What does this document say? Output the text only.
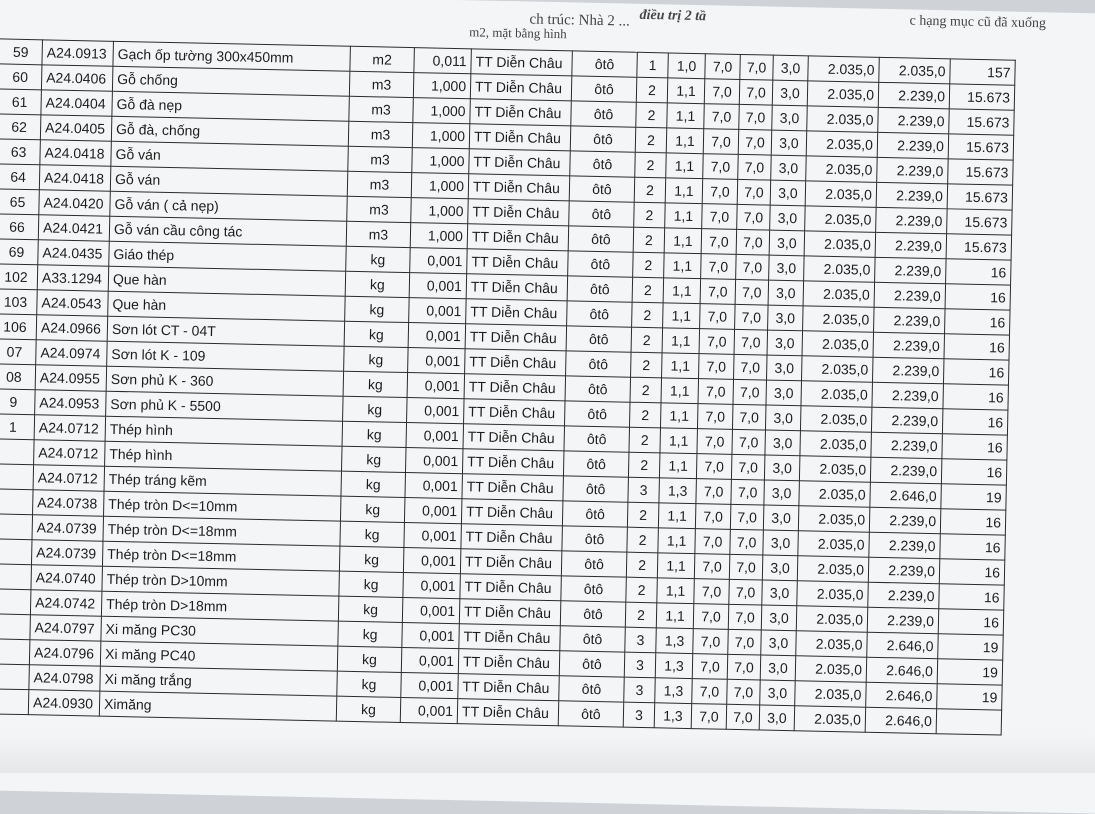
ch trúc: Nhà 2 ...
m2, mặt bằng hình
điều trị 2 tầ	c hạng mục cũ đã xuống
59	A24.0913	Gạch ốp tường 300x450mm	m2	0,011	TT Diễn Châu	ôtô	1	1,0	7,0	7,0	3,0	2.035,0	2.035,0	157
60	A24.0406	Gỗ chống	m3	1,000	TT Diễn Châu	ôtô	2	1,1	7,0	7,0	3,0	2.035,0	2.239,0	15.673
61	A24.0404	Gỗ đà nẹp	m3	1,000	TT Diễn Châu	ôtô	2	1,1	7,0	7,0	3,0	2.035,0	2.239,0	15.673
62	A24.0405	Gỗ đà, chống	m3	1,000	TT Diễn Châu	ôtô	2	1,1	7,0	7,0	3,0	2.035,0	2.239,0	15.673
63	A24.0418	Gỗ ván	m3	1,000	TT Diễn Châu	ôtô	2	1,1	7,0	7,0	3,0	2.035,0	2.239,0	15.673
64	A24.0418	Gỗ ván	m3	1,000	TT Diễn Châu	ôtô	2	1,1	7,0	7,0	3,0	2.035,0	2.239,0	15.673
65	A24.0420	Gỗ ván ( cả nẹp)	m3	1,000	TT Diễn Châu	ôtô	2	1,1	7,0	7,0	3,0	2.035,0	2.239,0	15.673
66	A24.0421	Gỗ ván cầu công tác	m3	1,000	TT Diễn Châu	ôtô	2	1,1	7,0	7,0	3,0	2.035,0	2.239,0	15.673
69	A24.0435	Giáo thép	kg	0,001	TT Diễn Châu	ôtô	2	1,1	7,0	7,0	3,0	2.035,0	2.239,0	16
102	A33.1294	Que hàn	kg	0,001	TT Diễn Châu	ôtô	2	1,1	7,0	7,0	3,0	2.035,0	2.239,0	16
103	A24.0543	Que hàn	kg	0,001	TT Diễn Châu	ôtô	2	1,1	7,0	7,0	3,0	2.035,0	2.239,0	16
106	A24.0966	Sơn lót CT - 04T	kg	0,001	TT Diễn Châu	ôtô	2	1,1	7,0	7,0	3,0	2.035,0	2.239,0	16
07	A24.0974	Sơn lót K - 109	kg	0,001	TT Diễn Châu	ôtô	2	1,1	7,0	7,0	3,0	2.035,0	2.239,0	16
08	A24.0955	Sơn phủ K - 360	kg	0,001	TT Diễn Châu	ôtô	2	1,1	7,0	7,0	3,0	2.035,0	2.239,0	16
9	A24.0953	Sơn phủ K - 5500	kg	0,001	TT Diễn Châu	ôtô	2	1,1	7,0	7,0	3,0	2.035,0	2.239,0	16
1	A24.0712	Thép hình	kg	0,001	TT Diễn Châu	ôtô	2	1,1	7,0	7,0	3,0	2.035,0	2.239,0	16
	A24.0712	Thép hình	kg	0,001	TT Diễn Châu	ôtô	2	1,1	7,0	7,0	3,0	2.035,0	2.239,0	16
	A24.0712	Thép tráng kẽm	kg	0,001	TT Diễn Châu	ôtô	3	1,3	7,0	7,0	3,0	2.035,0	2.646,0	19
	A24.0738	Thép tròn D<=10mm	kg	0,001	TT Diễn Châu	ôtô	2	1,1	7,0	7,0	3,0	2.035,0	2.239,0	16
	A24.0739	Thép tròn D<=18mm	kg	0,001	TT Diễn Châu	ôtô	2	1,1	7,0	7,0	3,0	2.035,0	2.239,0	16
	A24.0739	Thép tròn D<=18mm	kg	0,001	TT Diễn Châu	ôtô	2	1,1	7,0	7,0	3,0	2.035,0	2.239,0	16
	A24.0740	Thép tròn D>10mm	kg	0,001	TT Diễn Châu	ôtô	2	1,1	7,0	7,0	3,0	2.035,0	2.239,0	16
	A24.0742	Thép tròn D>18mm	kg	0,001	TT Diễn Châu	ôtô	2	1,1	7,0	7,0	3,0	2.035,0	2.239,0	16
	A24.0797	Xi măng PC30	kg	0,001	TT Diễn Châu	ôtô	3	1,3	7,0	7,0	3,0	2.035,0	2.646,0	19
	A24.0796	Xi măng PC40	kg	0,001	TT Diễn Châu	ôtô	3	1,3	7,0	7,0	3,0	2.035,0	2.646,0	19
	A24.0798	Xi măng trắng	kg	0,001	TT Diễn Châu	ôtô	3	1,3	7,0	7,0	3,0	2.035,0	2.646,0	19
	A24.0930	Ximăng	kg	0,001	TT Diễn Châu	ôtô	3	1,3	7,0	7,0	3,0	2.035,0	2.646,0	
